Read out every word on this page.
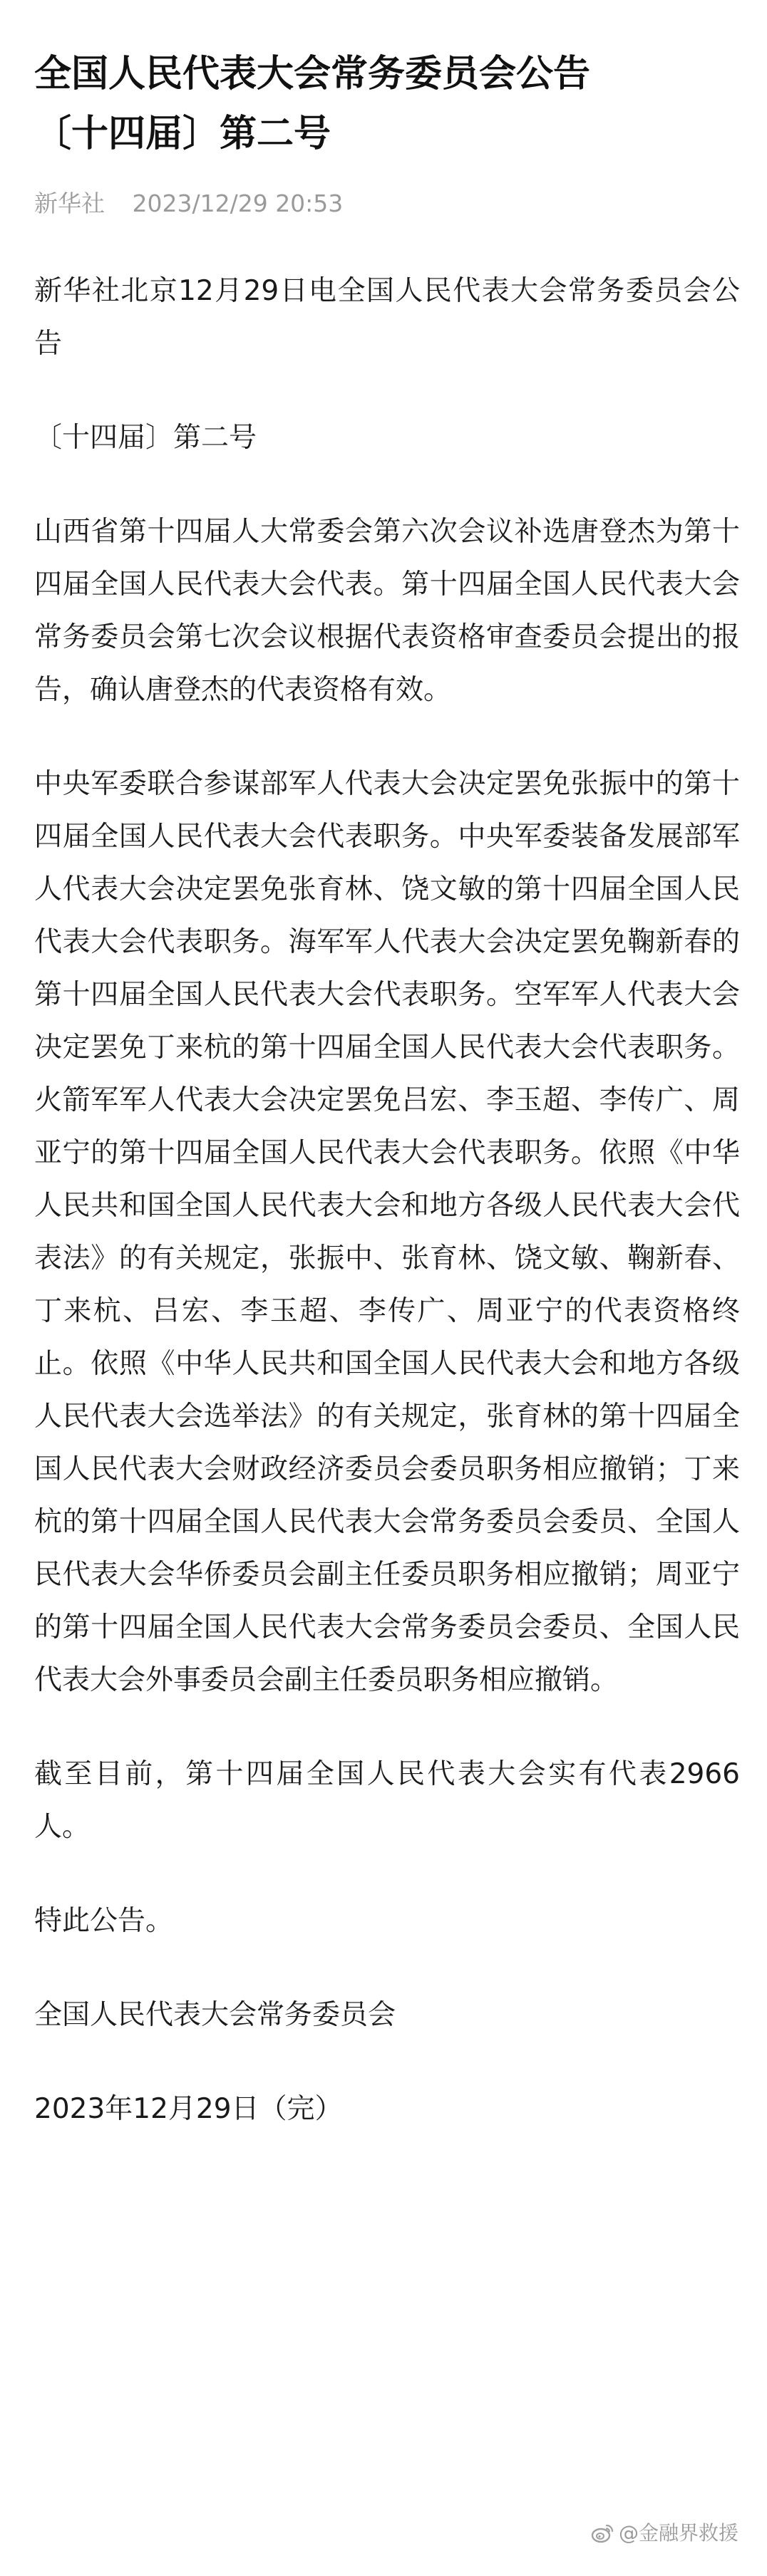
全国人民代表大会常务委员会公告
〔十四届〕第二号
新华社 2023/12/29 20:53

新华社北京12月29日电全国人民代表大会常务委员会公告

〔十四届〕第二号

山西省第十四届人大常委会第六次会议补选唐登杰为第十四届全国人民代表大会代表。第十四届全国人民代表大会常务委员会第七次会议根据代表资格审查委员会提出的报告，确认唐登杰的代表资格有效。

中央军委联合参谋部军人代表大会决定罢免张振中的第十四届全国人民代表大会代表职务。中央军委装备发展部军人代表大会决定罢免张育林、饶文敏的第十四届全国人民代表大会代表职务。海军军人代表大会决定罢免鞠新春的第十四届全国人民代表大会代表职务。空军军人代表大会决定罢免丁来杭的第十四届全国人民代表大会代表职务。火箭军军人代表大会决定罢免吕宏、李玉超、李传广、周亚宁的第十四届全国人民代表大会代表职务。依照《中华人民共和国全国人民代表大会和地方各级人民代表大会代表法》的有关规定，张振中、张育林、饶文敏、鞠新春、丁来杭、吕宏、李玉超、李传广、周亚宁的代表资格终止。依照《中华人民共和国全国人民代表大会和地方各级人民代表大会选举法》的有关规定，张育林的第十四届全国人民代表大会财政经济委员会委员职务相应撤销；丁来杭的第十四届全国人民代表大会常务委员会委员、全国人民代表大会华侨委员会副主任委员职务相应撤销；周亚宁的第十四届全国人民代表大会常务委员会委员、全国人民代表大会外事委员会副主任委员职务相应撤销。

截至目前，第十四届全国人民代表大会实有代表2966人。

特此公告。

全国人民代表大会常务委员会

2023年12月29日（完）

@金融界救援
